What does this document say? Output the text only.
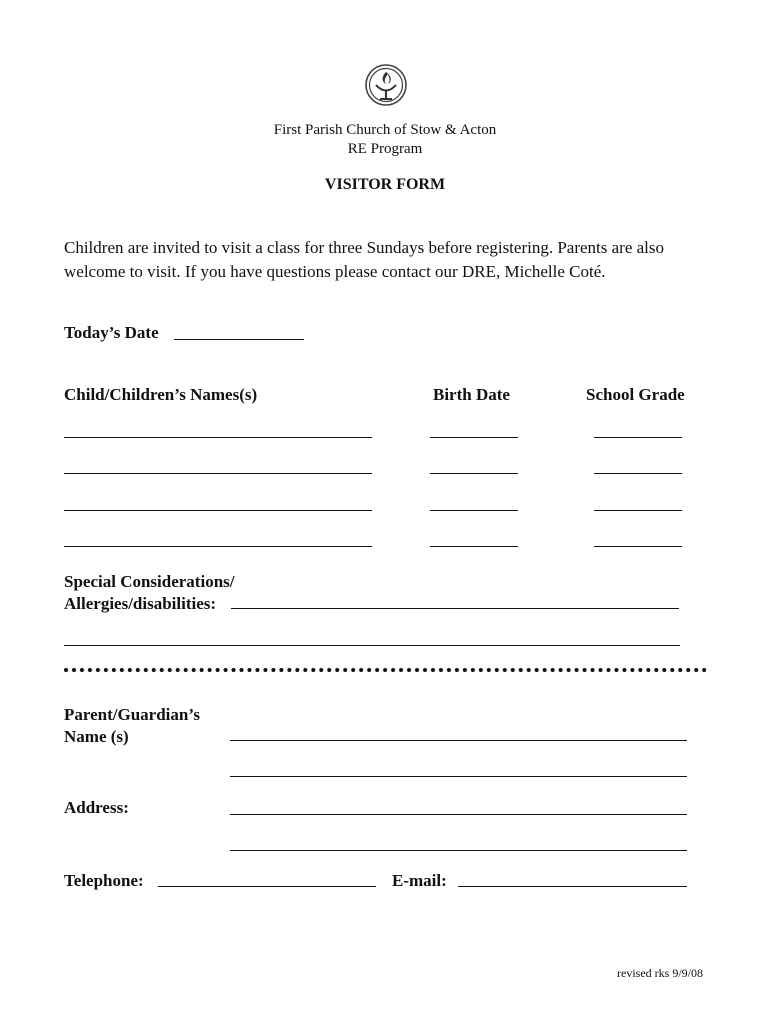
First Parish Church of Stow & Acton
RE Program
VISITOR FORM
Children are invited to visit a class for three Sundays before registering. Parents are also
welcome to visit. If you have questions please contact our DRE, Michelle Coté.
Today’s Date
Child/Children’s Names(s)	Birth Date	School Grade
Special Considerations/
Allergies/disabilities:
Parent/Guardian’s
Name (s)
Address:
Telephone:	E-mail:
revised rks 9/9/08
